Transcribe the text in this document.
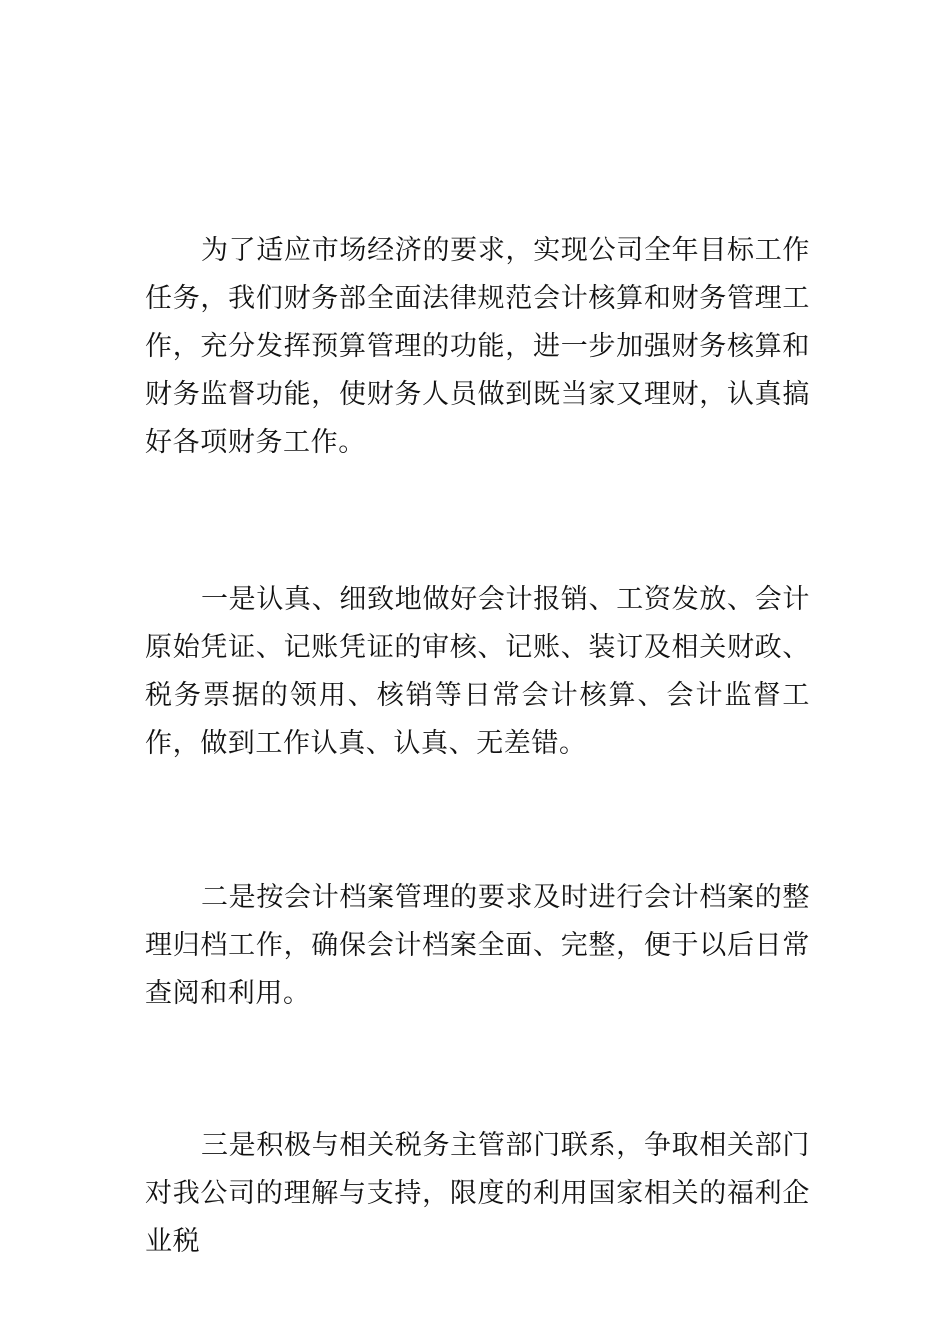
为了适应市场经济的要求，实现公司全年目标工作任务，我们财务部全面法律规范会计核算和财务管理工作，充分发挥预算管理的功能，进一步加强财务核算和财务监督功能，使财务人员做到既当家又理财，认真搞好各项财务工作。

一是认真、细致地做好会计报销、工资发放、会计原始凭证、记账凭证的审核、记账、装订及相关财政、税务票据的领用、核销等日常会计核算、会计监督工作，做到工作认真、认真、无差错。

二是按会计档案管理的要求及时进行会计档案的整理归档工作，确保会计档案全面、完整，便于以后日常查阅和利用。

三是积极与相关税务主管部门联系，争取相关部门对我公司的理解与支持，限度的利用国家相关的福利企业税
